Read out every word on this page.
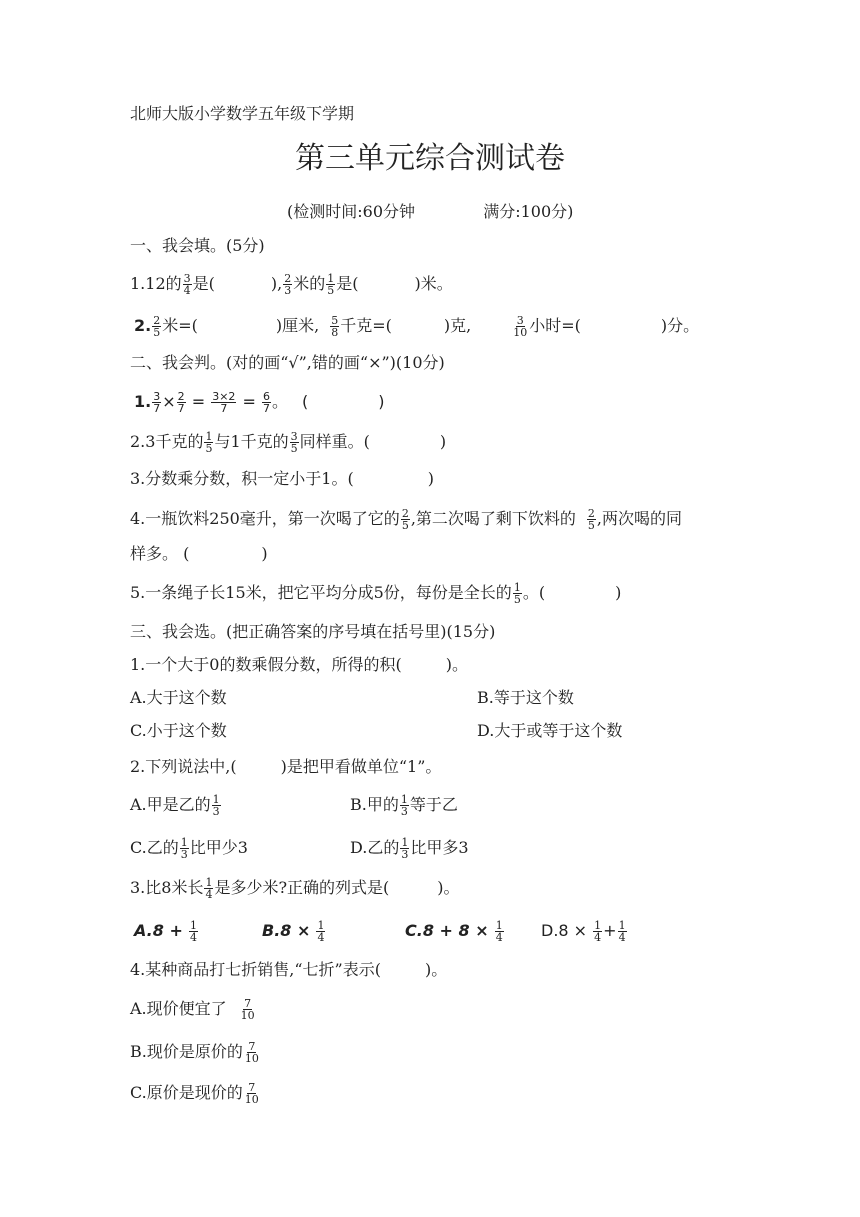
北师大版小学数学五年级下学期
第三单元综合测试卷
(检测时间:60分钟	满分:100分)
一、我会填。(5分)
1.12的 $\frac{3}{4}$ 是(	), $\frac{2}{3}$ 米的 $\frac{1}{5}$ 是(	)米。
2. $\frac{2}{5}$ 米=(	)厘米, $\frac{5}{8}$ 千克=(	)克,	$\frac{3}{10}$ 小时=(	)分。
二、我会判。(对的画“√”,错的画“×”)(10分)
1. $\frac{3}{7} \times \frac{2}{7} = \frac{3\times 2}{7} = \frac{6}{7}$ 。 (	)
2.3千克的 $\frac{1}{5}$ 与1千克的 $\frac{3}{5}$ 同样重。(	)
3.分数乘分数，积一定小于1。(	)
4.一瓶饮料250毫升，第一次喝了它的 $\frac{2}{5}$ ,第二次喝了剩下饮料的 $\frac{2}{5}$ ,两次喝的同
样多。 (	)
5.一条绳子长15米，把它平均分成5份，每份是全长的 $\frac{1}{5}$ 。(	)
三、我会选。(把正确答案的序号填在括号里)(15分)
1.一个大于0的数乘假分数，所得的积(	)。
A.大于这个数	B.等于这个数
C.小于这个数	D.大于或等于这个数
2.下列说法中,(	)是把甲看做单位“1”。
A.甲是乙的 $\frac{1}{3}$	B.甲的 $\frac{1}{3}$ 等于乙
C.乙的 $\frac{1}{3}$ 比甲少3	D.乙的 $\frac{1}{3}$ 比甲多3
3.比8米长 $\frac{1}{4}$ 是多少米?正确的列式是(	)。
$A.8 + \frac{1}{4}$	$B.8 \times \frac{1}{4}$	$C.8 + 8 \times \frac{1}{4} D.8 \times \frac{1}{4} + \frac{1}{4}$
4.某种商品打七折销售,“七折”表示(	)。
A.现价便宜了 $\frac{7}{10}$
B.现价是原价的 $\frac{7}{10}$
C.原价是现价的 $\frac{7}{10}$
